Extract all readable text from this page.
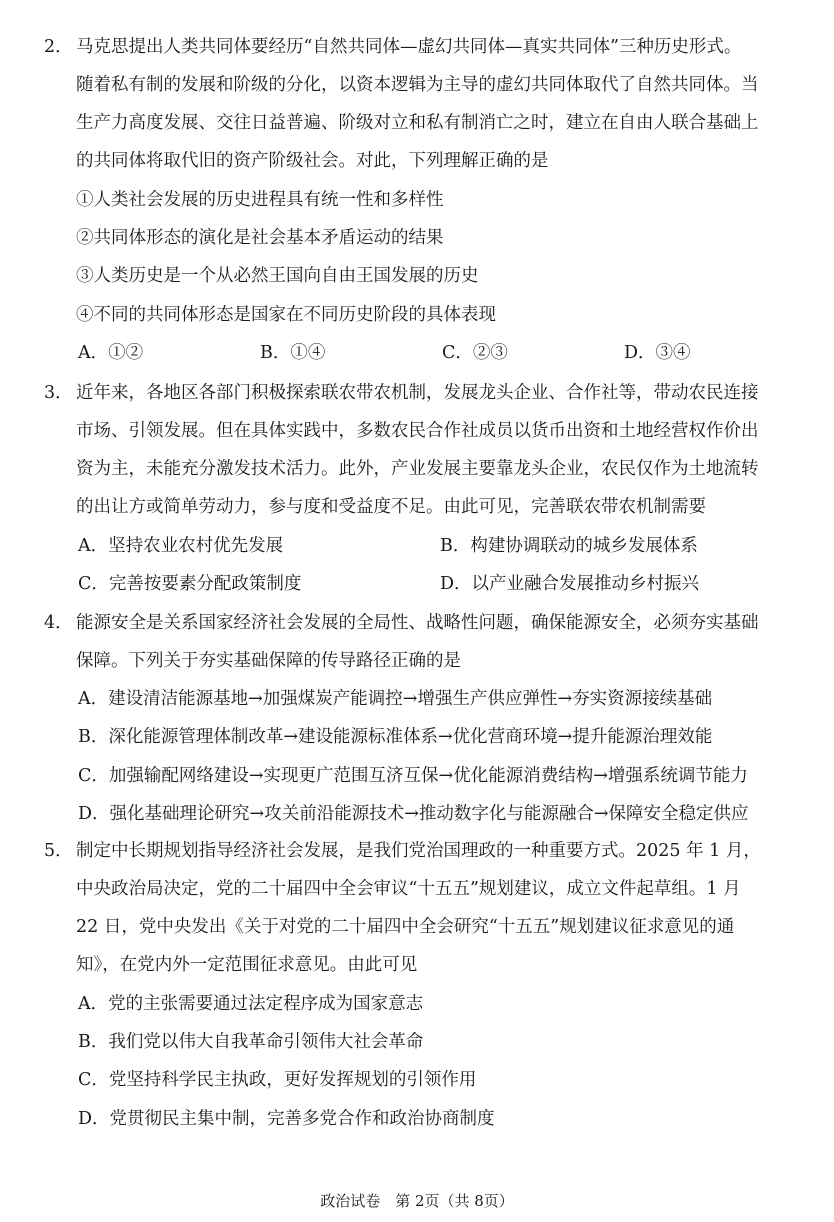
2． 马克思提出人类共同体要经历“自然共同体—虚幻共同体—真实共同体”三种历史形式。
随着私有制的发展和阶级的分化，以资本逻辑为主导的虚幻共同体取代了自然共同体。当
生产力高度发展、交往日益普遍、阶级对立和私有制消亡之时，建立在自由人联合基础上
的共同体将取代旧的资产阶级社会。对此，下列理解正确的是
①人类社会发展的历史进程具有统一性和多样性
②共同体形态的演化是社会基本矛盾运动的结果
③人类历史是一个从必然王国向自由王国发展的历史
④不同的共同体形态是国家在不同历史阶段的具体表现
A．①②	B．①④	C．②③	D．③④
3． 近年来，各地区各部门积极探索联农带农机制，发展龙头企业、合作社等，带动农民连接
市场、引领发展。但在具体实践中，多数农民合作社成员以货币出资和土地经营权作价出
资为主，未能充分激发技术活力。此外，产业发展主要靠龙头企业，农民仅作为土地流转
的出让方或简单劳动力，参与度和受益度不足。由此可见，完善联农带农机制需要
A．坚持农业农村优先发展	B．构建协调联动的城乡发展体系
C．完善按要素分配政策制度	D．以产业融合发展推动乡村振兴
4． 能源安全是关系国家经济社会发展的全局性、战略性问题，确保能源安全，必须夯实基础
保障。下列关于夯实基础保障的传导路径正确的是
A．建设清洁能源基地→加强煤炭产能调控→增强生产供应弹性→夯实资源接续基础
B．深化能源管理体制改革→建设能源标准体系→优化营商环境→提升能源治理效能
C．加强输配网络建设→实现更广范围互济互保→优化能源消费结构→增强系统调节能力
D．强化基础理论研究→攻关前沿能源技术→推动数字化与能源融合→保障安全稳定供应
5． 制定中长期规划指导经济社会发展，是我们党治国理政的一种重要方式。2025 年 1 月，
中央政治局决定，党的二十届四中全会审议“十五五”规划建议，成立文件起草组。1 月
22 日，党中央发出《关于对党的二十届四中全会研究“十五五”规划建议征求意见的通
知》，在党内外一定范围征求意见。由此可见
A．党的主张需要通过法定程序成为国家意志
B．我们党以伟大自我革命引领伟大社会革命
C．党坚持科学民主执政，更好发挥规划的引领作用
D．党贯彻民主集中制，完善多党合作和政治协商制度
政治试卷　第 2页（共 8页）
